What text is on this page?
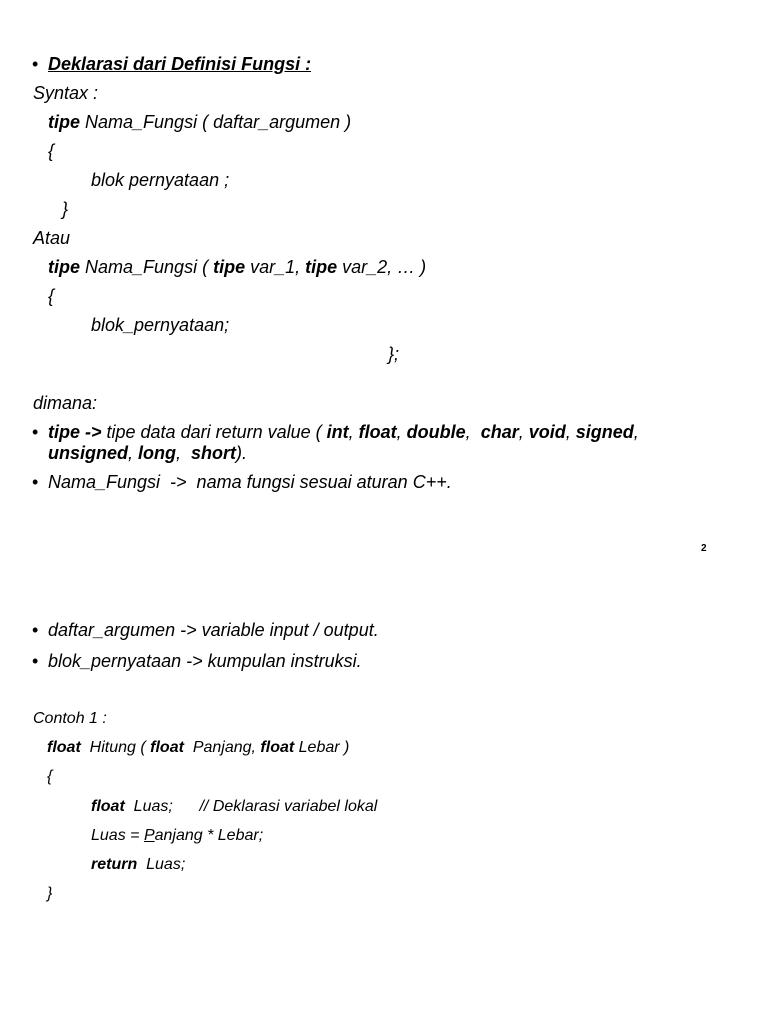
• Deklarasi dari Definisi Fungsi :
Syntax :
tipe Nama_Fungsi ( daftar_argumen )
{
blok pernyataan ;
}
Atau
tipe Nama_Fungsi ( tipe var_1, tipe var_2, … )
{
blok_pernyataan;
};
dimana:
• tipe -> tipe data dari return value ( int, float, double,  char, void, signed,
unsigned, long,  short).
• Nama_Fungsi  ->  nama fungsi sesuai aturan C++.
2
• daftar_argumen -> variable input / output.
• blok_pernyataan -> kumpulan instruksi.
Contoh 1 :
float  Hitung ( float  Panjang, float Lebar )
{
float  Luas;      // Deklarasi variabel lokal
Luas = Panjang * Lebar;
return  Luas;
}
